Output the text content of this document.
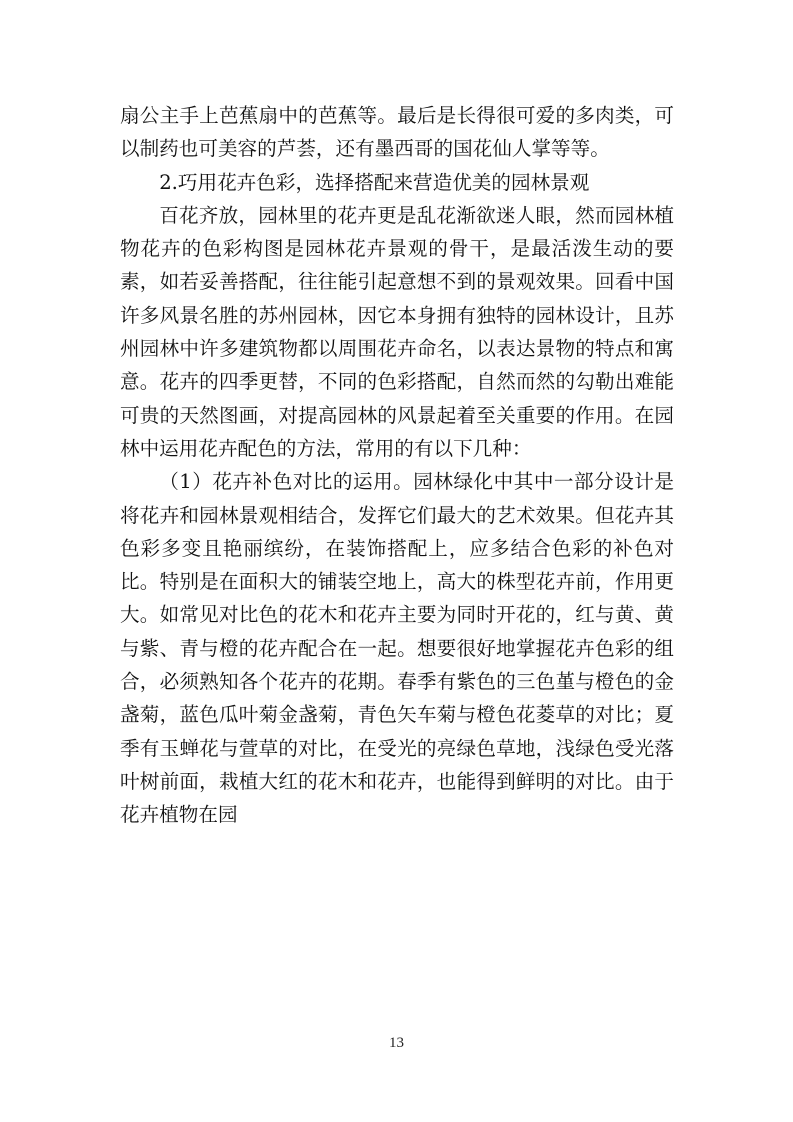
扇公主手上芭蕉扇中的芭蕉等。最后是长得很可爱的多肉类，可以制药也可美容的芦荟，还有墨西哥的国花仙人掌等等。

2.巧用花卉色彩，选择搭配来营造优美的园林景观

百花齐放，园林里的花卉更是乱花渐欲迷人眼，然而园林植物花卉的色彩构图是园林花卉景观的骨干，是最活泼生动的要素，如若妥善搭配，往往能引起意想不到的景观效果。回看中国许多风景名胜的苏州园林，因它本身拥有独特的园林设计，且苏州园林中许多建筑物都以周围花卉命名，以表达景物的特点和寓意。花卉的四季更替，不同的色彩搭配，自然而然的勾勒出难能可贵的天然图画，对提高园林的风景起着至关重要的作用。在园林中运用花卉配色的方法，常用的有以下几种：

（1）花卉补色对比的运用。园林绿化中其中一部分设计是将花卉和园林景观相结合，发挥它们最大的艺术效果。但花卉其色彩多变且艳丽缤纷，在装饰搭配上，应多结合色彩的补色对比。特别是在面积大的铺装空地上，高大的株型花卉前，作用更大。如常见对比色的花木和花卉主要为同时开花的，红与黄、黄与紫、青与橙的花卉配合在一起。想要很好地掌握花卉色彩的组合，必须熟知各个花卉的花期。春季有紫色的三色堇与橙色的金盏菊，蓝色瓜叶菊金盏菊，青色矢车菊与橙色花菱草的对比；夏季有玉蝉花与萱草的对比，在受光的亮绿色草地，浅绿色受光落叶树前面，栽植大红的花木和花卉，也能得到鲜明的对比。由于花卉植物在园

13
